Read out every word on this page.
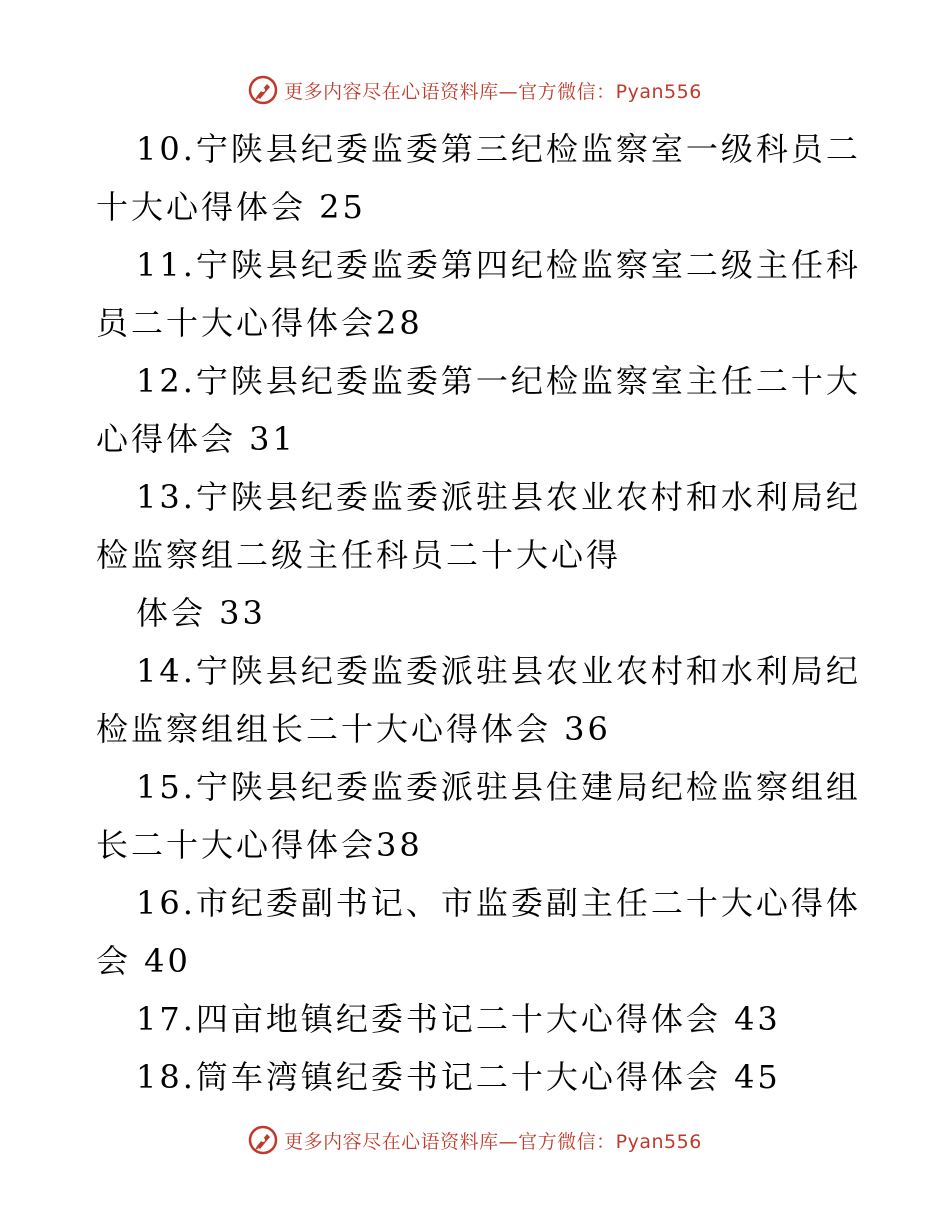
更多内容尽在心语资料库—官方微信：Pyan556
10.宁陕县纪委监委第三纪检监察室一级科员二
十大心得体会 25
11.宁陕县纪委监委第四纪检监察室二级主任科
员二十大心得体会28
12.宁陕县纪委监委第一纪检监察室主任二十大
心得体会 31
13.宁陕县纪委监委派驻县农业农村和水利局纪
检监察组二级主任科员二十大心得
体会 33
14.宁陕县纪委监委派驻县农业农村和水利局纪
检监察组组长二十大心得体会 36
15.宁陕县纪委监委派驻县住建局纪检监察组组
长二十大心得体会38
16.市纪委副书记、市监委副主任二十大心得体
会 40
17.四亩地镇纪委书记二十大心得体会 43
18.筒车湾镇纪委书记二十大心得体会 45
更多内容尽在心语资料库—官方微信：Pyan556
